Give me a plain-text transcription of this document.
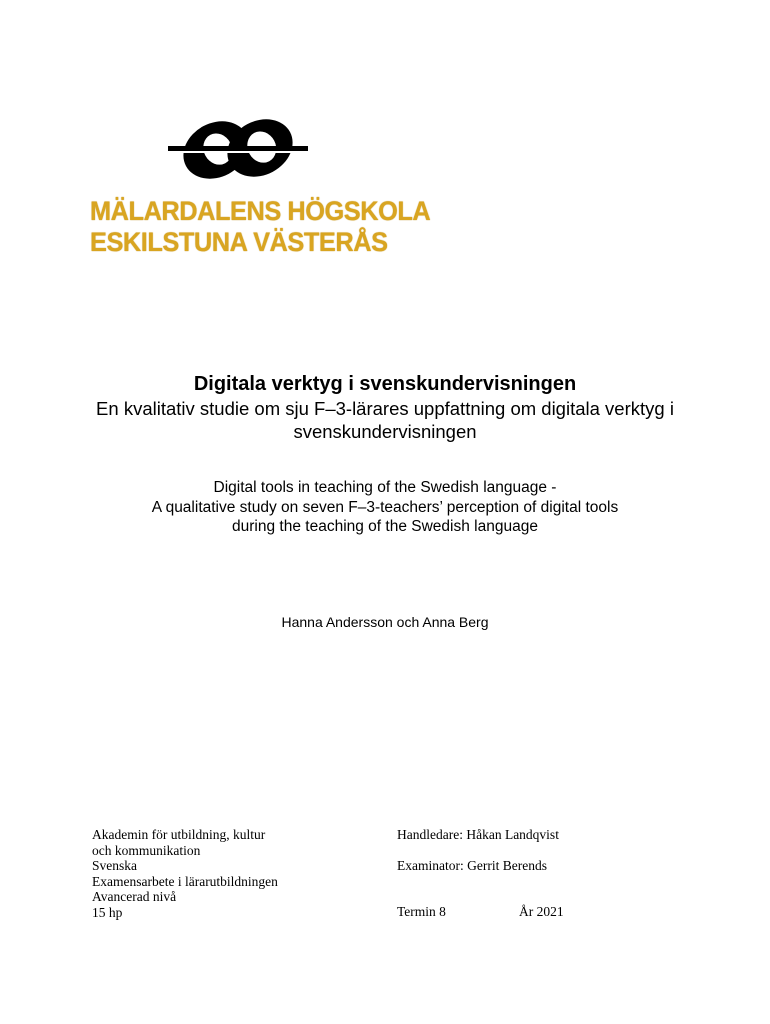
MÄLARDALENS HÖGSKOLA
ESKILSTUNA VÄSTERÅS
Digitala verktyg i svenskundervisningen
En kvalitativ studie om sju F–3-lärares uppfattning om digitala verktyg i svenskundervisningen
Digital tools in teaching of the Swedish language -
A qualitative study on seven F–3-teachers’ perception of digital tools
during the teaching of the Swedish language
Hanna Andersson och Anna Berg
Akademin för utbildning, kultur
och kommunikation
Svenska
Examensarbete i lärarutbildningen
Avancerad nivå
15 hp
Handledare: Håkan Landqvist
Examinator: Gerrit Berends
Termin 8	År 2021
